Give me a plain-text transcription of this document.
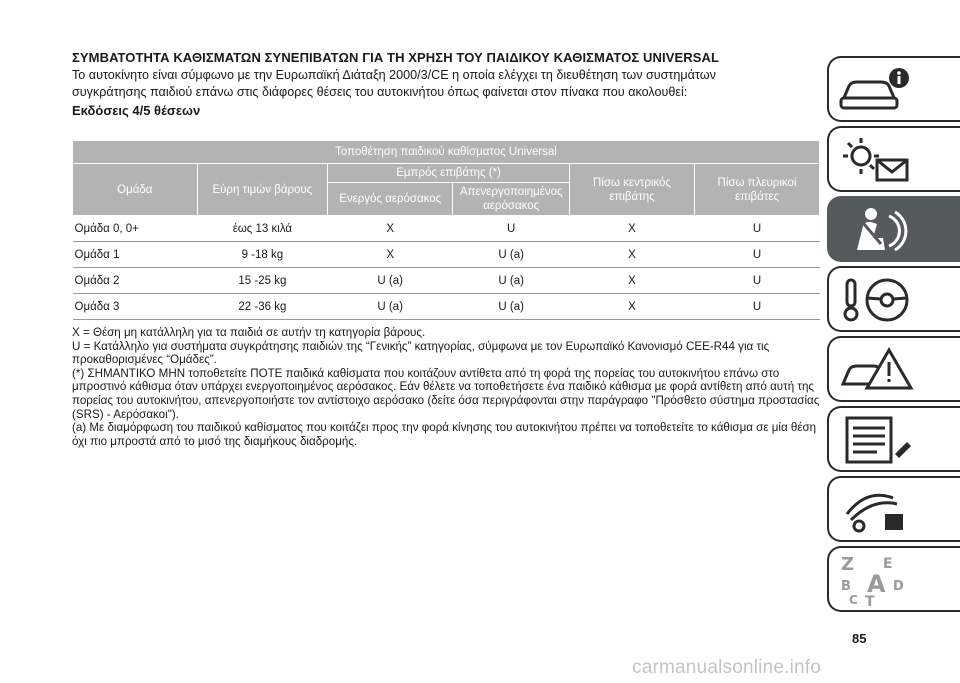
ΣΥΜΒΑΤΟΤΗΤΑ ΚΑΘΙΣΜΑΤΩΝ ΣΥΝΕΠΙΒΑΤΩΝ ΓΙΑ ΤΗ ΧΡΗΣΗ ΤΟΥ ΠΑΙΔΙΚΟΥ ΚΑΘΙΣΜΑΤΟΣ UNIVERSAL

Το αυτοκίνητο είναι σύμφωνο με την Ευρωπαϊκή Διάταξη 2000/3/CE η οποία ελέγχει τη διευθέτηση των συστημάτων
συγκράτησης παιδιού επάνω στις διάφορες θέσεις του αυτοκινήτου όπως φαίνεται στον πίνακα που ακολουθεί:

Εκδόσεις 4/5 θέσεων

Τοποθέτηση παιδικού καθίσματος Universal					
Ομάδα	Εύρη τιμών βάρους	Εμπρός επιβάτης (*)		Πίσω κεντρικός επιβάτης	Πίσω πλευρικοί επιβάτες
		Ενεργός αερόσακος	Απενεργοποιημένος αερόσακος		
Ομάδα 0, 0+	έως 13 κιλά	X	U	X	U
Ομάδα 1	9 -18 kg	X	U (a)	X	U
Ομάδα 2	15 -25 kg	U (a)	U (a)	X	U
Ομάδα 3	22 -36 kg	U (a)	U (a)	X	U

X = Θέση μη κατάλληλη για τα παιδιά σε αυτήν τη κατηγορία βάρους.

U = Κατάλληλο για συστήματα συγκράτησης παιδιών της “Γενικής” κατηγορίας, σύμφωνα με τον Ευρωπαϊκό Κανονισμό CEE-R44 για τις προκαθορισμένες “Ομάδες”.

(*) ΣΗΜΑΝΤΙΚΟ ΜΗΝ τοποθετείτε ΠΟΤΕ παιδικά καθίσματα που κοιτάζουν αντίθετα από τη φορά της πορείας του αυτοκινήτου επάνω στο μπροστινό κάθισμα όταν υπάρχει ενεργοποιημένος αερόσακος. Εάν θέλετε να τοποθετήσετε ένα παιδικό κάθισμα με φορά αντίθετη από αυτή της πορείας του αυτοκινήτου, απενεργοποιήστε τον αντίστοιχο αερόσακο (δείτε όσα περιγράφονται στην παράγραφο "Πρόσθετο σύστημα προστασίας (SRS) - Αερόσακοι").

(a) Με διαμόρφωση του παιδικού καθίσματος που κοιτάζει προς την φορά κίνησης του αυτοκινήτου πρέπει να τοποθετείτε το κάθισμα σε μία θέση όχι πιο μπροστά από το μισό της διαμήκους διαδρομής.

Z E
B A D
C T
85
carmanualsonline.info
